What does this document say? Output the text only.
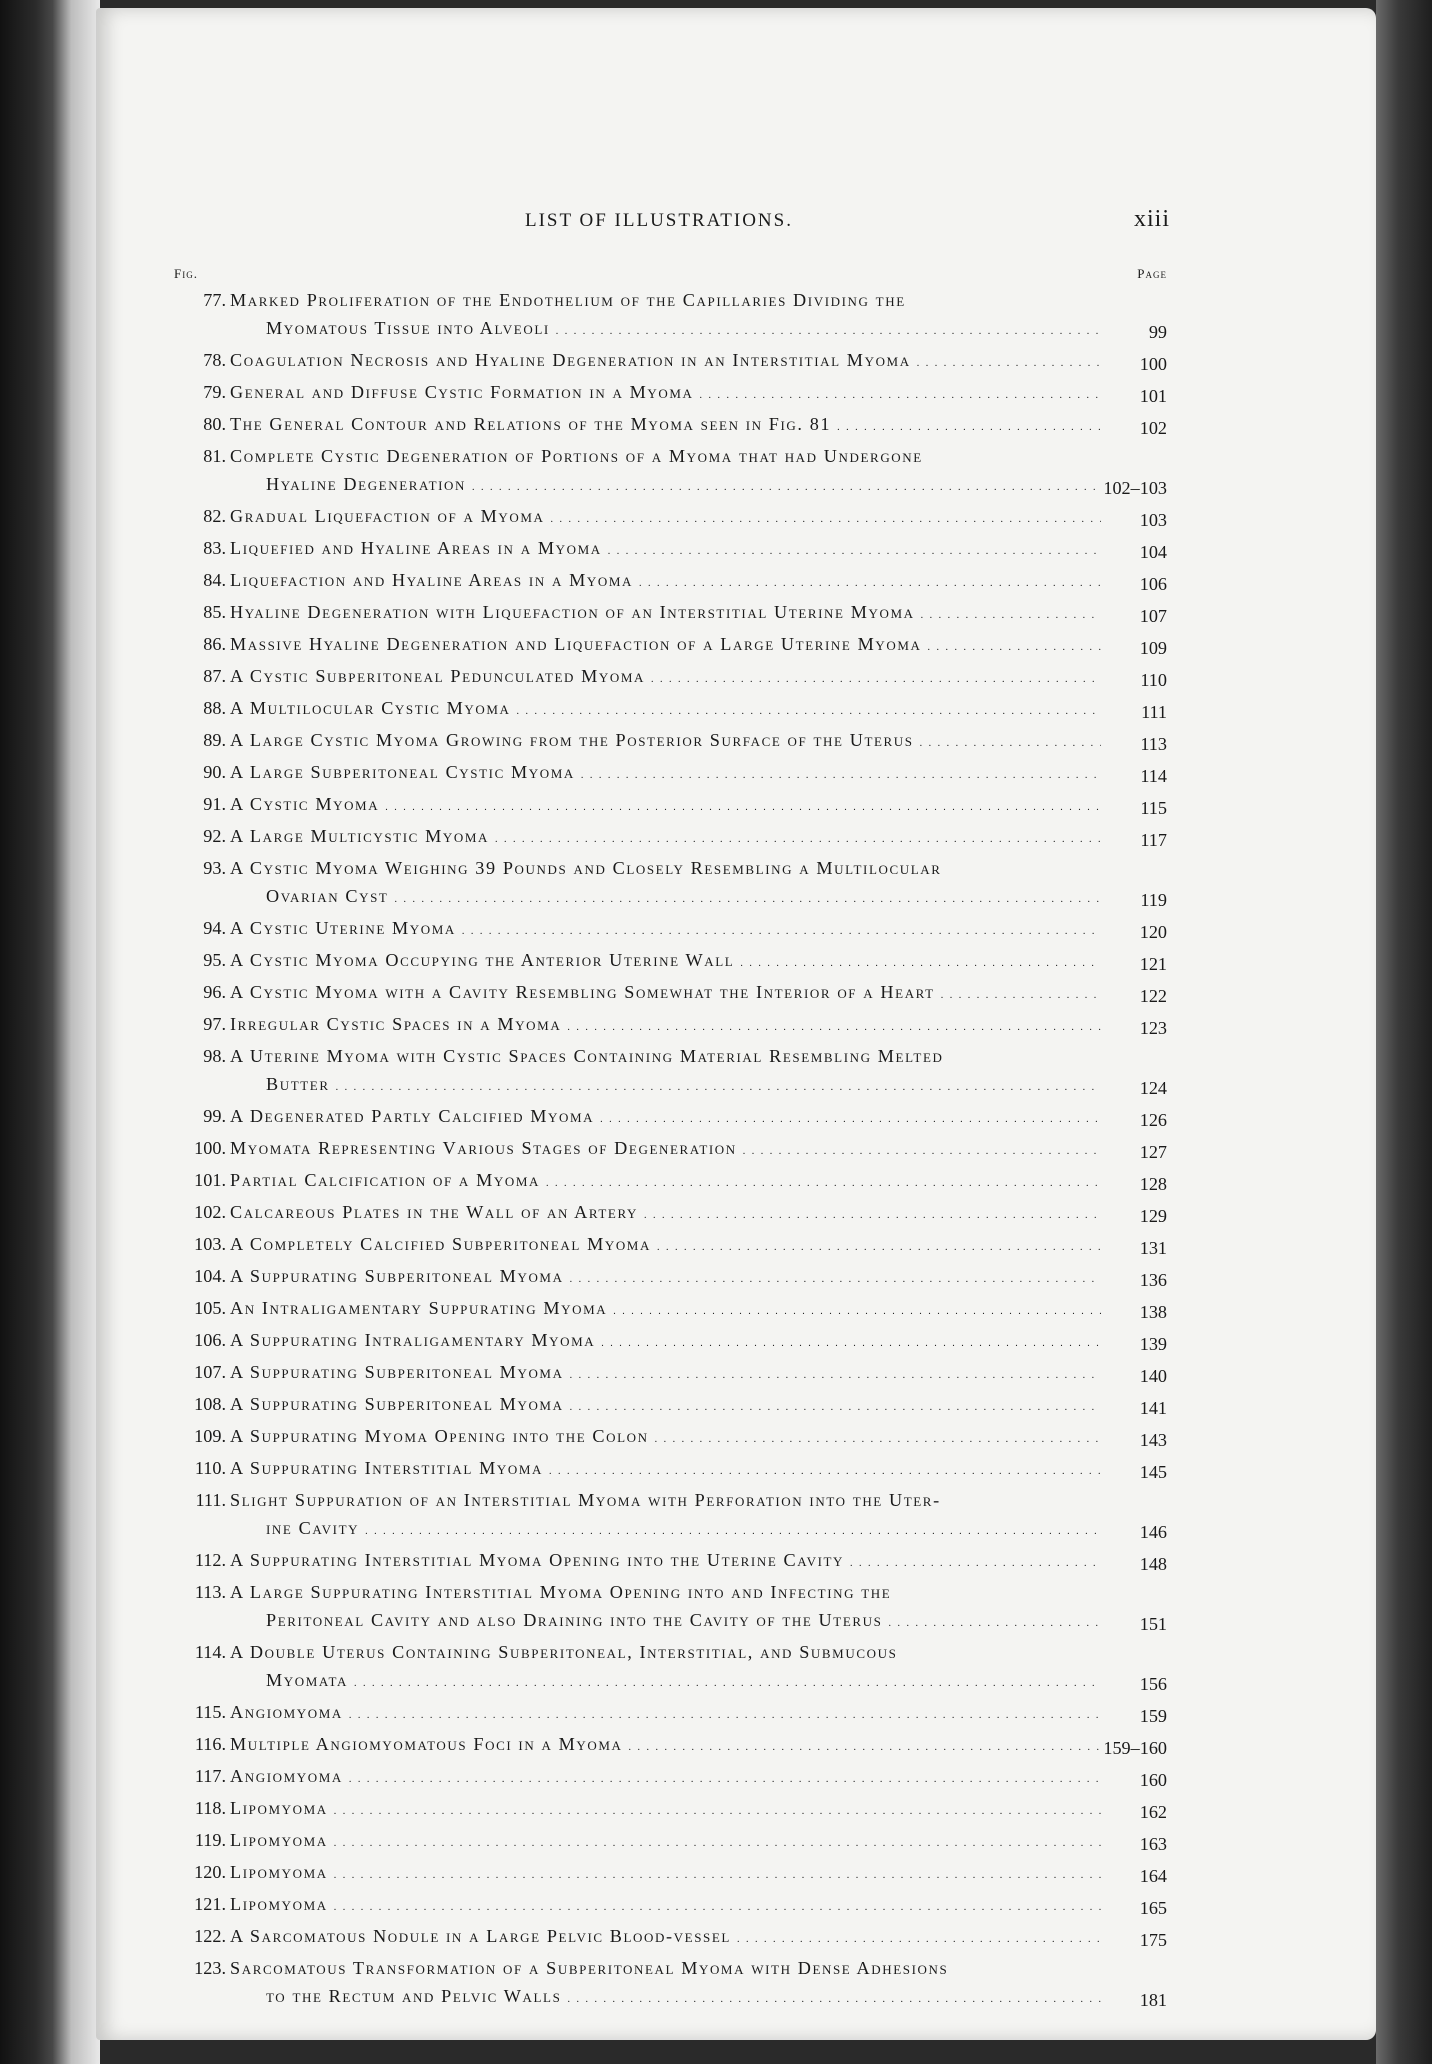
LIST OF ILLUSTRATIONS.	xiii
Fig.	Page
77. Marked Proliferation of the Endothelium of the Capillaries Dividing the
Myomatous Tissue into Alveoli . . .	99
78. Coagulation Necrosis and Hyaline Degeneration in an Interstitial Myoma . . .	100
79. General and Diffuse Cystic Formation in a Myoma . . .	101
80. The General Contour and Relations of the Myoma seen in Fig. 81 . . .	102
81. Complete Cystic Degeneration of Portions of a Myoma that had Undergone
Hyaline Degeneration . . .	102–103
82. Gradual Liquefaction of a Myoma . . .	103
83. Liquefied and Hyaline Areas in a Myoma . . .	104
84. Liquefaction and Hyaline Areas in a Myoma . . .	106
85. Hyaline Degeneration with Liquefaction of an Interstitial Uterine Myoma . . .	107
86. Massive Hyaline Degeneration and Liquefaction of a Large Uterine Myoma . . .	109
87. A Cystic Subperitoneal Pedunculated Myoma . . .	110
88. A Multilocular Cystic Myoma . . .	111
89. A Large Cystic Myoma Growing from the Posterior Surface of the Uterus . . .	113
90. A Large Subperitoneal Cystic Myoma . . .	114
91. A Cystic Myoma . . .	115
92. A Large Multicystic Myoma . . .	117
93. A Cystic Myoma Weighing 39 Pounds and Closely Resembling a Multilocular
Ovarian Cyst . . .	119
94. A Cystic Uterine Myoma . . .	120
95. A Cystic Myoma Occupying the Anterior Uterine Wall . . .	121
96. A Cystic Myoma with a Cavity Resembling Somewhat the Interior of a Heart . . .	122
97. Irregular Cystic Spaces in a Myoma . . .	123
98. A Uterine Myoma with Cystic Spaces Containing Material Resembling Melted
Butter . . .	124
99. A Degenerated Partly Calcified Myoma . . .	126
100. Myomata Representing Various Stages of Degeneration . . .	127
101. Partial Calcification of a Myoma . . .	128
102. Calcareous Plates in the Wall of an Artery . . .	129
103. A Completely Calcified Subperitoneal Myoma . . .	131
104. A Suppurating Subperitoneal Myoma . . .	136
105. An Intraligamentary Suppurating Myoma . . .	138
106. A Suppurating Intraligamentary Myoma . . .	139
107. A Suppurating Subperitoneal Myoma . . .	140
108. A Suppurating Subperitoneal Myoma . . .	141
109. A Suppurating Myoma Opening into the Colon . . .	143
110. A Suppurating Interstitial Myoma . . .	145
111. Slight Suppuration of an Interstitial Myoma with Perforation into the Uter-
ine Cavity . . .	146
112. A Suppurating Interstitial Myoma Opening into the Uterine Cavity . . .	148
113. A Large Suppurating Interstitial Myoma Opening into and Infecting the
Peritoneal Cavity and also Draining into the Cavity of the Uterus . . .	151
114. A Double Uterus Containing Subperitoneal, Interstitial, and Submucous
Myomata . . .	156
115. Angiomyoma . . .	159
116. Multiple Angiomyomatous Foci in a Myoma . . .	159–160
117. Angiomyoma . . .	160
118. Lipomyoma . . .	162
119. Lipomyoma . . .	163
120. Lipomyoma . . .	164
121. Lipomyoma . . .	165
122. A Sarcomatous Nodule in a Large Pelvic Blood-vessel . . .	175
123. Sarcomatous Transformation of a Subperitoneal Myoma with Dense Adhesions
to the Rectum and Pelvic Walls . . .	181
